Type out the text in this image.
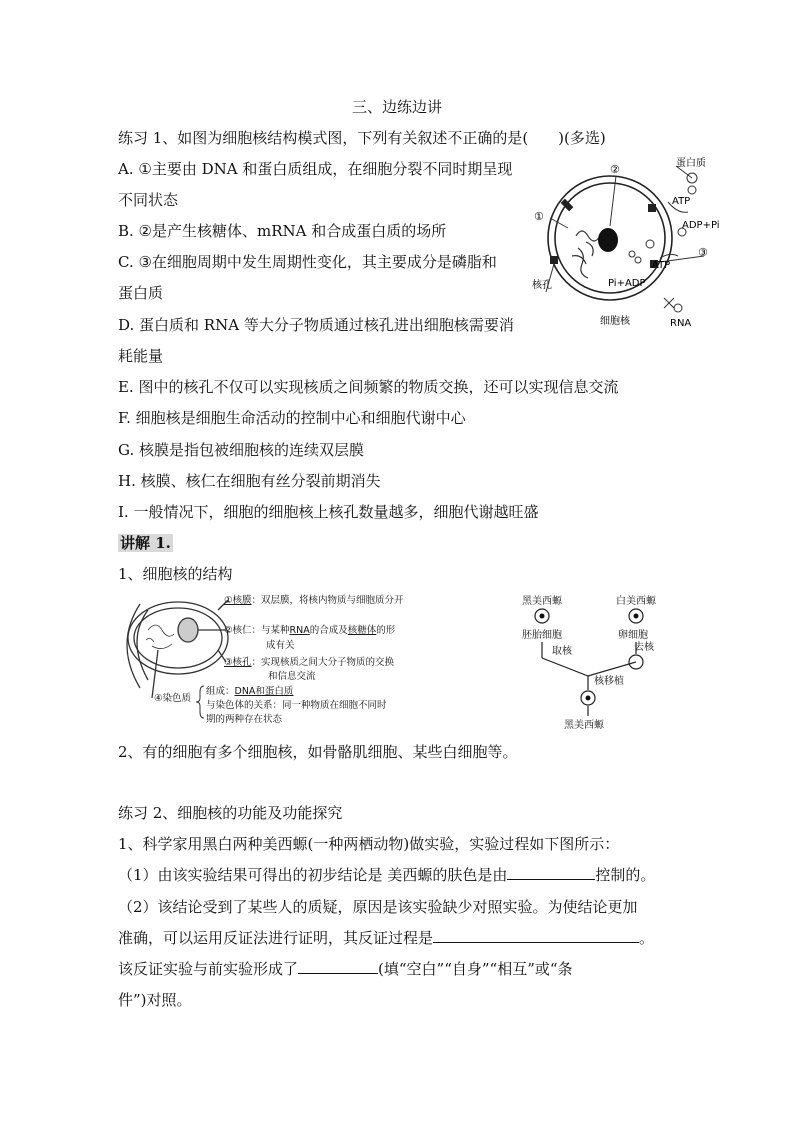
三、边练边讲
练习 1、如图为细胞核结构模式图，下列有关叙述不正确的是(　　)(多选)
A. ①主要由 DNA 和蛋白质组成，在细胞分裂不同时期呈现
不同状态
B. ②是产生核糖体、mRNA 和合成蛋白质的场所
C. ③在细胞周期中发生周期性变化，其主要成分是磷脂和
蛋白质
D. 蛋白质和 RNA 等大分子物质通过核孔进出细胞核需要消
耗能量
E. 图中的核孔不仅可以实现核质之间频繁的物质交换，还可以实现信息交流
F. 细胞核是细胞生命活动的控制中心和细胞代谢中心
G. 核膜是指包被细胞核的连续双层膜
H. 核膜、核仁在细胞有丝分裂前期消失
I. 一般情况下，细胞的细胞核上核孔数量越多，细胞代谢越旺盛
②
①
③
蛋白质
ATP
ADP+Pi
ATP
Pi+ADP
核孔
细胞核	RNA
讲解 1.
1、细胞核的结构
①核膜：双层膜，将核内物质与细胞质分开
②核仁：与某种RNA的合成及核糖体的形
成有关
③核孔：实现核质之间大分子物质的交换
和信息交流
④染色质
组成：DNA和蛋白质
与染色体的关系：同一种物质在细胞不同时
期的两种存在状态
黑美西螈	白美西螈
胚胎细胞	卵细胞
取核	去核
核移植
黑美西螈
2、有的细胞有多个细胞核，如骨骼肌细胞、某些白细胞等。
练习 2、细胞核的功能及功能探究
1、科学家用黑白两种美西螈(一种两栖动物)做实验，实验过程如下图所示：
（1）由该实验结果可得出的初步结论是 美西螈的肤色是由	控制的。
（2）该结论受到了某些人的质疑，原因是该实验缺少对照实验。为使结论更加
准确，可以运用反证法进行证明，其反证过程是	。
该反证实验与前实验形成了	(填“空白”“自身”“相互”或“条
件”)对照。
